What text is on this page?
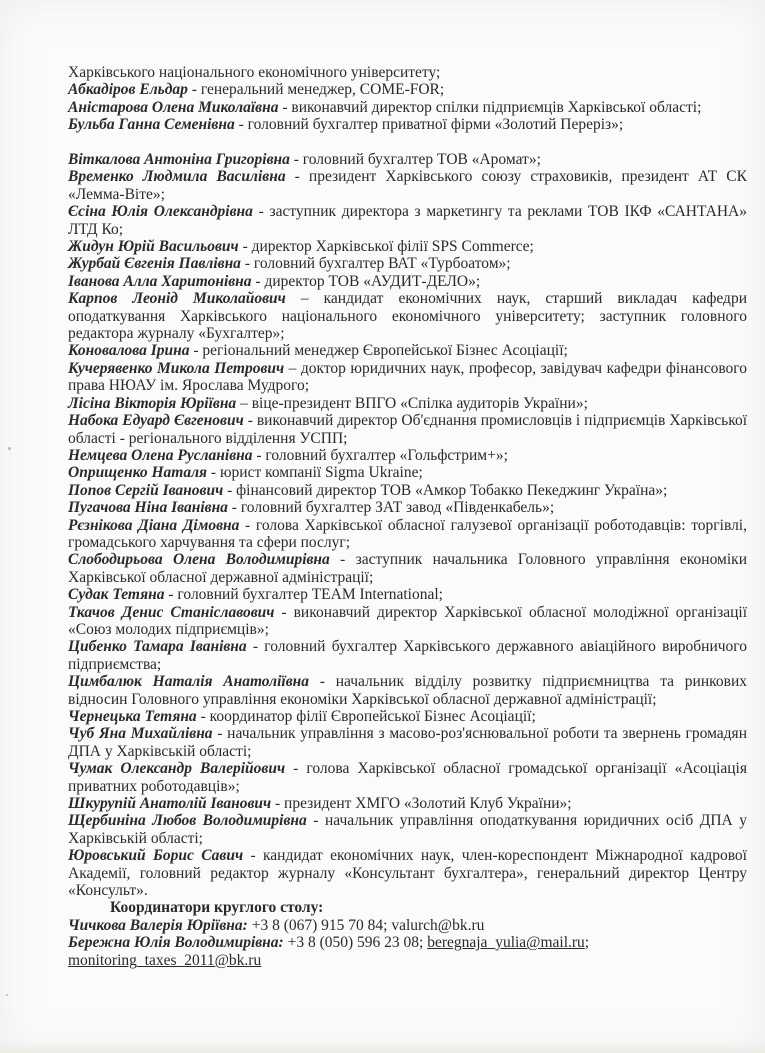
Харківського національного економічного університету;

Абкадіров Ельдар - генеральний менеджер, COME-FOR;

Аністарова Олена Миколаївна - виконавчий директор спілки підприємців Харківської області;

Бульба Ганна Семенівна - головний бухгалтер приватної фірми «Золотий Переріз»;

Віткалова Антоніна Григорівна - головний бухгалтер ТОВ «Аромат»;

Временко Людмила Василівна - президент Харківського союзу страховиків, президент АТ СК «Лемма-Віте»;

Єсіна Юлія Олександрівна - заступник директора з маркетингу та реклами ТОВ ІКФ «САНТАНА» ЛТД Ко;

Жидун Юрій Васильович - директор Харківської філії SPS Commerce;

Журбай Євгенія Павлівна - головний бухгалтер ВАТ «Турбоатом»;

Іванова Алла Харитонівна - директор ТОВ «АУДИТ-ДЕЛО»;

Карпов Леонід Миколайович – кандидат економічних наук, старший викладач кафедри оподаткування Харківського національного економічного університету; заступник головного редактора журналу «Бухгалтер»;

Коновалова Ірина - регіональний менеджер Європейської Бізнес Асоціації;

Кучерявенко Микола Петрович – доктор юридичних наук, професор, завідувач кафедри фінансового права НЮАУ ім. Ярослава Мудрого;

Лісіна Вікторія Юріївна – віце-президент ВПГО «Спілка аудиторів України»;

Набока Едуард Євгенович - виконавчий директор Об'єднання промисловців і підприємців Харківської області - регіонального відділення УСПП;

Немцева Олена Русланівна - головний бухгалтер «Гольфстрим+»;

Оприщенко Наталя - юрист компанії Sigma Ukraine;

Попов Сергій Іванович - фінансовий директор ТОВ «Амкор Тобакко Пекеджинг Україна»;

Пугачова Ніна Іванівна - головний бухгалтер ЗАТ завод «Південкабель»;

Рєзнікова Діана Дімовна - голова Харківської обласної галузевої організації роботодавців: торгівлі, громадського харчування та сфери послуг;

Слободирьова Олена Володимирівна - заступник начальника Головного управління економіки Харківської обласної державної адміністрації;

Судак Тетяна - головний бухгалтер TEAM International;

Ткачов Денис Станіславович - виконавчий директор Харківської обласної молодіжної організації «Союз молодих підприємців»;

Цибенко Тамара Іванівна - головний бухгалтер Харківського державного авіаційного виробничого підприємства;

Цимбалюк Наталія Анатоліївна - начальник відділу розвитку підприємництва та ринкових відносин Головного управління економіки Харківської обласної державної адміністрації;

Чернецька Тетяна - координатор філії Європейської Бізнес Асоціації;

Чуб Яна Михайлівна - начальник управління з масово-роз'яснювальної роботи та звернень громадян ДПА у Харківській області;

Чумак Олександр Валерійович - голова Харківської обласної громадської організації «Асоціація приватних роботодавців»;

Шкурупій Анатолій Іванович - президент ХМГО «Золотий Клуб України»;

Щербиніна Любов Володимирівна - начальник управління оподаткування юридичних осіб ДПА у Харківській області;

Юровський Борис Савич - кандидат економічних наук, член-кореспондент Міжнародної кадрової Академії, головний редактор журналу «Консультант бухгалтера», генеральний директор Центру «Консульт».

Координатори круглого столу:

Чичкова Валерія Юріївна: +3 8 (067) 915 70 84; valurch@bk.ru

Бережна Юлія Володимирівна: +3 8 (050) 596 23 08; beregnaja_yulia@mail.ru;

monitoring_taxes_2011@bk.ru
